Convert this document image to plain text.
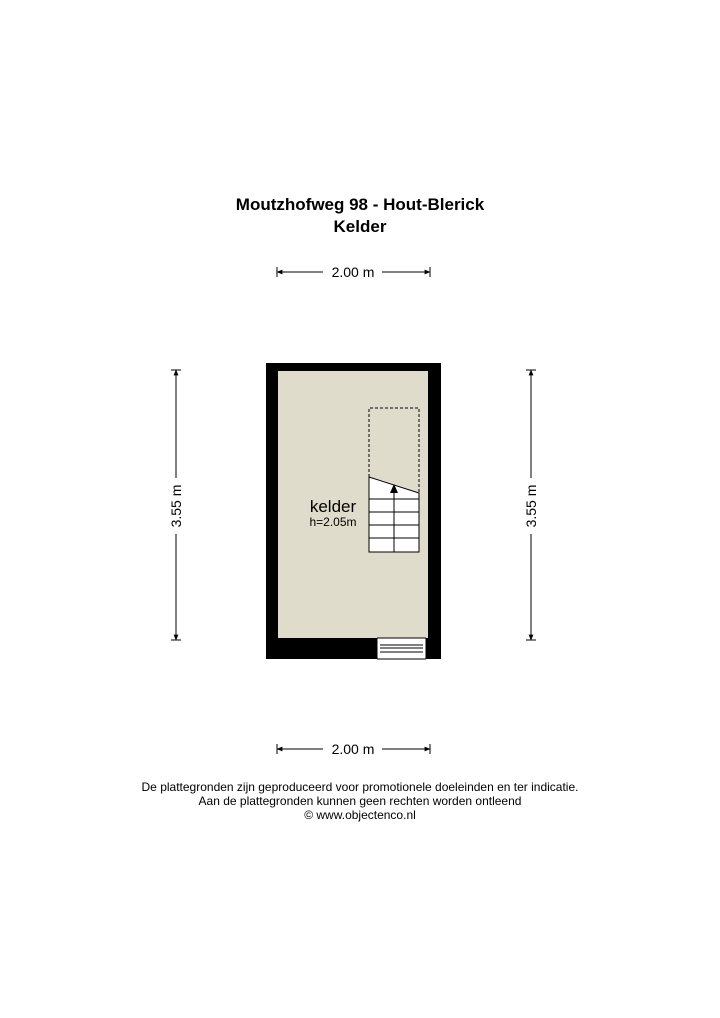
Moutzhofweg 98 - Hout-Blerick
Kelder
2.00 m
2.00 m
3.55 m	3.55 m
kelder
h=2.05m
De plattegronden zijn geproduceerd voor promotionele doeleinden en ter indicatie.
Aan de plattegronden kunnen geen rechten worden ontleend
© www.objectenco.nl
